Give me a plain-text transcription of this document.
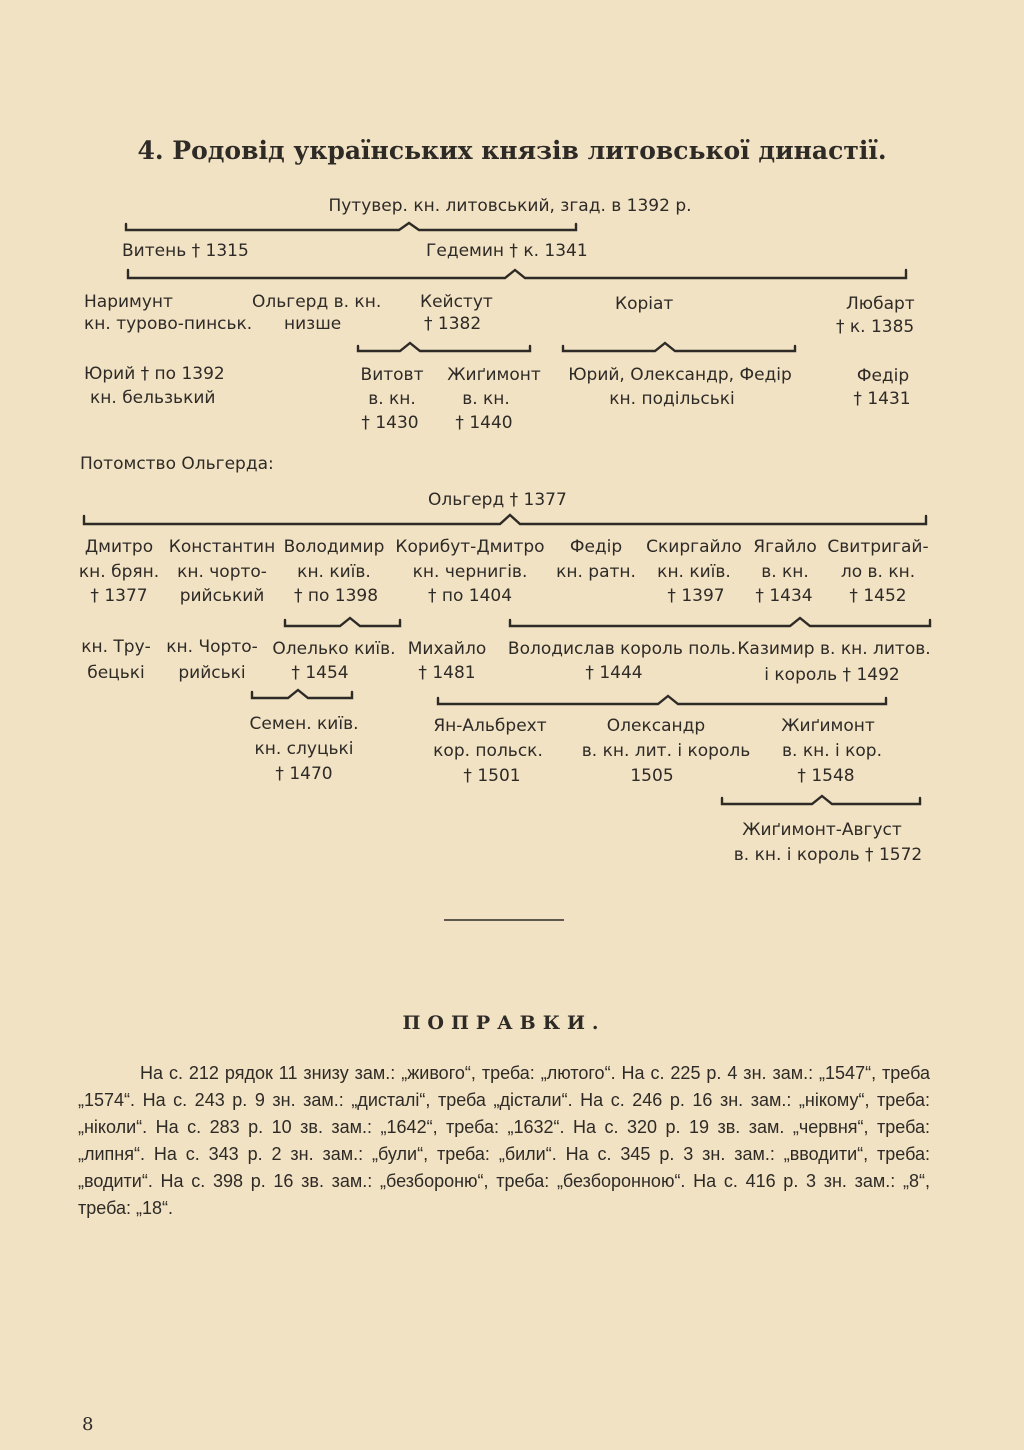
4. Родовід українських князів литовської династії.
Путувер. кн. литовський, згад. в 1392 р.
Витень † 1315	Гедемин † к. 1341
Наримунт
кн. турово-пинськ.
Ольгерд в. кн.
низше
Кейстут
† 1382
Коріат	Любарт
† к. 1385
Юрий † по 1392
кн. бельзький
Витовт
в. кн.
† 1430
Жиґимонт
в. кн.
† 1440
Юрий, Олександр, Федір
кн. подільські
Федір
† 1431
Потомство Ольгерда:
Ольгерд † 1377
Дмитро
кн. брян.
† 1377
Константин
кн. чорто-
рийський
Володимир
кн. київ.
† по 1398
Корибут-Дмитро
кн. чернигів.
† по 1404
Федір
кн. ратн.
Скиргайло
кн. київ.
† 1397
Ягайло
в. кн.
† 1434
Свитригай-
ло в. кн.
† 1452
кн. Тру-
бецькі
кн. Чорто-
рийські
Олелько київ.
† 1454
Михайло
† 1481
Володислав король поль.
† 1444
Казимир в. кн. литов.
і король † 1492
Семен. київ.
кн. слуцькі
† 1470
Ян-Альбрехт
кор. польск.
† 1501
Олександр
в. кн. лит. і король
1505
Жиґимонт
в. кн. і кор.
† 1548
Жиґимонт-Август
в. кн. і король † 1572
ПОПРАВКИ.
На с. 212 рядок 11 знизу зам.: „живого“, треба: „лютого“. На с. 225 р. 4 зн. зам.: „1547“, треба „1574“. На с. 243 р. 9 зн. зам.: „дисталі“, треба „дістали“. На с. 246 р. 16 зн. зам.: „нікому“, треба: „ніколи“. На с. 283 р. 10 зв. зам.: „1642“, треба: „1632“. На с. 320 р. 19 зв. зам. „червня“, треба: „липня“. На с. 343 р. 2 зн. зам.: „були“, треба: „били“. На с. 345 р. 3 зн. зам.: „вводити“, треба: „водити“. На с. 398 р. 16 зв. зам.: „безбороню“, треба: „безборонною“. На с. 416 р. 3 зн. зам.: „8“, треба: „18“.
8
